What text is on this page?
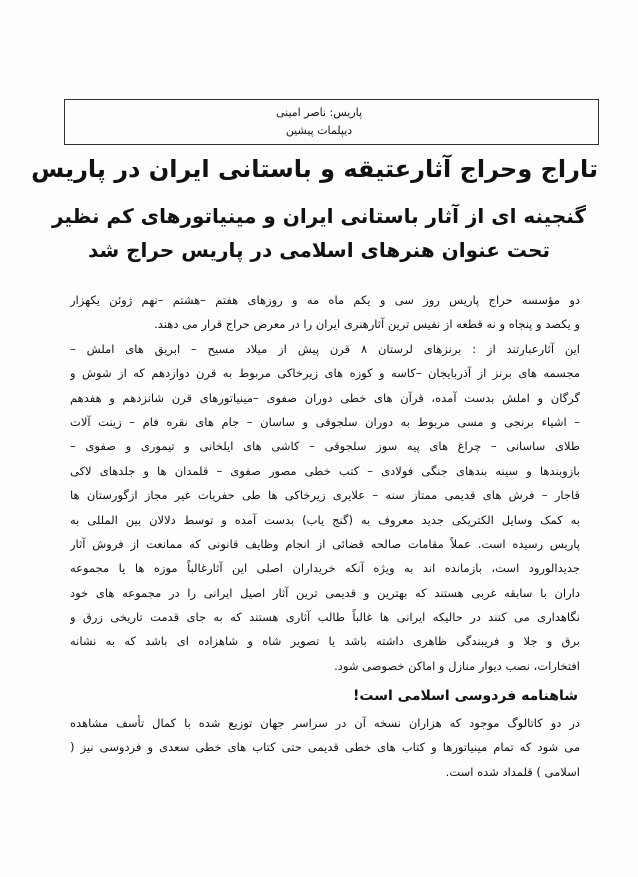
پاریس: ناصر امینی
دیپلمات پیشین
تاراج وحراج آثارعتیقه و باستانی ایران در پاریس
گنجینه ای از آثار باستانی ایران و مینیاتورهای کم نظیر
تحت عنوان هنرهای اسلامی در پاریس حراج شد
دو مؤسسه حراج پاریس روز سی و یکم ماه مه و روزهای هفتم –هشتم –نهم ژوئن یکهزار
و یکصد و پنجاه و نه قطعه از نفیس ترین آثارهنری ایران را در معرض حراج قرار می دهند.
این آثارعبارتند از : برنزهای لرستان ۸ قرن پیش از میلاد مسیح – ابریق های املش –
مجسمه های برنز از آذربایجان –کاسه و کوزه های زیرخاکی مربوط به قرن دوازدهم که از شوش و
گرگان و املش بدست آمده، قرآن های خطی دوران صفوی –مینیاتورهای قرن شانزدهم و هفدهم
– اشیاء برنجی و مسی مربوط به دوران سلجوقی و ساسان – جام های نقره فام – زینت آلات
طلای ساسانی – چراغ های پیه سوز سلجوقی – کاشی های ایلخانی و تیموری و صفوی –
بازوبندها و سینه بندهای جنگی فولادی – کتب خطی مصور صفوی – قلمدان ها و جلدهای لاکی
قاجار – فرش های قدیمی ممتاز سنه – علایری زیرخاکی ها طی حفریات غیر مجاز ازگورستان ها
به کمک وسایل الکتریکی جدید معروف به (گنج یاب) بدست آمده و توسط دلالان بین المللی به
پاریس رسیده است. عملاً مقامات صالحه قضائی از انجام وظایف قانونی که ممانعت از فروش آثار
جدیدالورود است، بازمانده اند به ویژه آنکه خریداران اصلی این آثارغالباً موزه ها یا مجموعه
داران با سابقه غربی هستند که بهترین و قدیمی ترین آثار اصیل ایرانی را در مجموعه های خود
نگاهداری می کنند در حالیکه ایرانی ها غالباً طالب آثاری هستند که به جای قدمت تاریخی زرق و
برق و جلا و فریبندگی ظاهری داشته باشد یا تصویر شاه و شاهزاده ای باشد که به نشانه
افتخارات، نصب دیوار منازل و اماکن خصوصی شود.
شاهنامه فردوسی اسلامی است!
در دو کاتالوگ موجود که هزاران نسخه آن در سراسر جهان توزیع شده با کمال تأسف مشاهده
می شود که تمام مینیاتورها و کتاب های خطی قدیمی حتی کتاب های خطی سعدی و فردوسی نیز (
اسلامی ) قلمداد شده است.
